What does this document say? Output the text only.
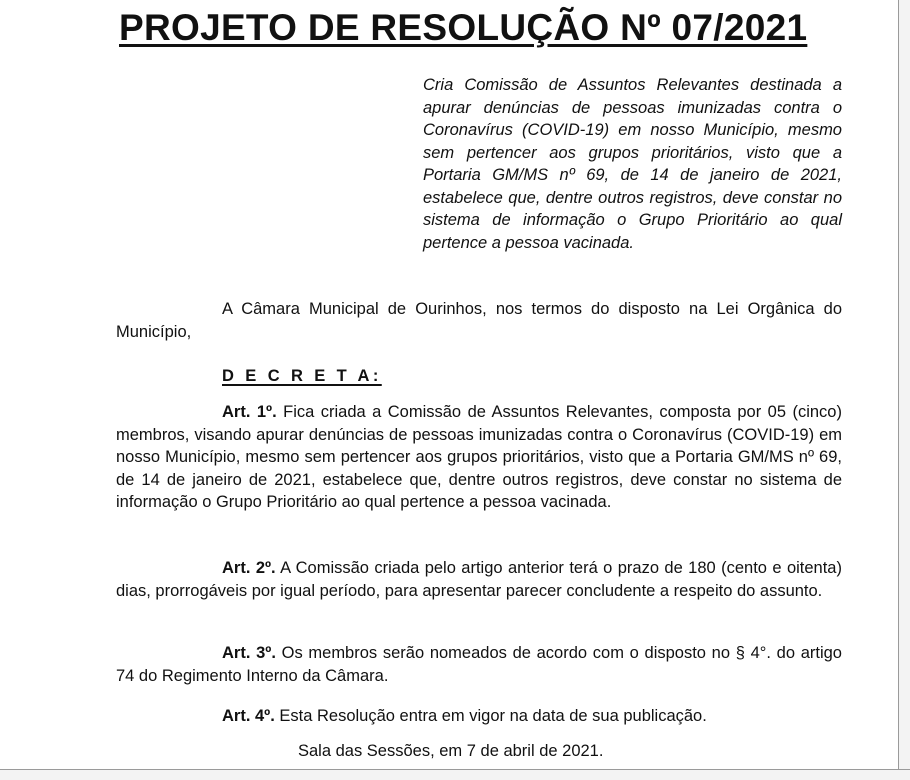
PROJETO DE RESOLUÇÃO Nº 07/2021

Cria Comissão de Assuntos Relevantes destinada a apurar denúncias de pessoas imunizadas contra o Coronavírus (COVID-19) em nosso Município, mesmo sem pertencer aos grupos prioritários, visto que a Portaria GM/MS nº 69, de 14 de janeiro de 2021, estabelece que, dentre outros registros, deve constar no sistema de informação o Grupo Prioritário ao qual pertence a pessoa vacinada.

A Câmara Municipal de Ourinhos, nos termos do disposto na Lei Orgânica do Município,

D E C R E T A:

Art. 1º. Fica criada a Comissão de Assuntos Relevantes, composta por 05 (cinco) membros, visando apurar denúncias de pessoas imunizadas contra o Coronavírus (COVID-19) em nosso Município, mesmo sem pertencer aos grupos prioritários, visto que a Portaria GM/MS nº 69, de 14 de janeiro de 2021, estabelece que, dentre outros registros, deve constar no sistema de informação o Grupo Prioritário ao qual pertence a pessoa vacinada.

Art. 2º. A Comissão criada pelo artigo anterior terá o prazo de 180 (cento e oitenta) dias, prorrogáveis por igual período, para apresentar parecer concludente a respeito do assunto.

Art. 3º. Os membros serão nomeados de acordo com o disposto no § 4°. do artigo 74 do Regimento Interno da Câmara.

Art. 4º. Esta Resolução entra em vigor na data de sua publicação.

Sala das Sessões, em 7 de abril de 2021.
